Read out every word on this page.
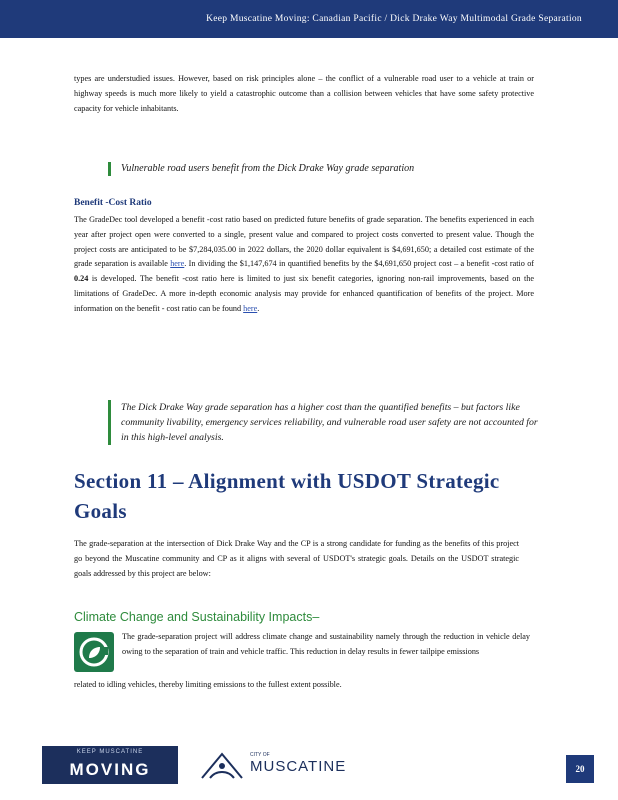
Keep Muscatine Moving: Canadian Pacific / Dick Drake Way Multimodal Grade Separation

types are understudied issues. However, based on risk principles alone – the conflict of a vulnerable road user to a vehicle at train or highway speeds is much more likely to yield a catastrophic outcome than a collision between vehicles that have some safety protective capacity for vehicle inhabitants.

Vulnerable road users benefit from the Dick Drake Way grade separation

Benefit -Cost Ratio

The GradeDec tool developed a benefit -cost ratio based on predicted future benefits of grade separation. The benefits experienced in each year after project open were converted to a single, present value and compared to project costs converted to present value. Though the project costs are anticipated to be $7,284,035.00 in 2022 dollars, the 2020 dollar equivalent is $4,691,650; a detailed cost estimate of the grade separation is available here. In dividing the $1,147,674 in quantified benefits by the $4,691,650 project cost – a benefit -cost ratio of 0.24 is developed. The benefit -cost ratio here is limited to just six benefit categories, ignoring non-rail improvements, based on the limitations of GradeDec. A more in-depth economic analysis may provide for enhanced quantification of benefits of the project. More information on the benefit - cost ratio can be found here.

The Dick Drake Way grade separation has a higher cost than the quantified benefits – but factors like community livability, emergency services reliability, and vulnerable road user safety are not accounted for in this high-level analysis.

Section 11 – Alignment with USDOT Strategic Goals

The grade-separation at the intersection of Dick Drake Way and the CP is a strong candidate for funding as the benefits of this project go beyond the Muscatine community and CP as it aligns with several of USDOT's strategic goals. Details on the USDOT strategic goals addressed by this project are below:

Climate Change and Sustainability Impacts–

The grade-separation project will address climate change and sustainability namely through the reduction in vehicle delay owing to the separation of train and vehicle traffic. This reduction in delay results in fewer tailpipe emissions

related to idling vehicles, thereby limiting emissions to the fullest extent possible.

KEEP MUSCATINE
MOVING
CITY OF
MUSCATINE	20
